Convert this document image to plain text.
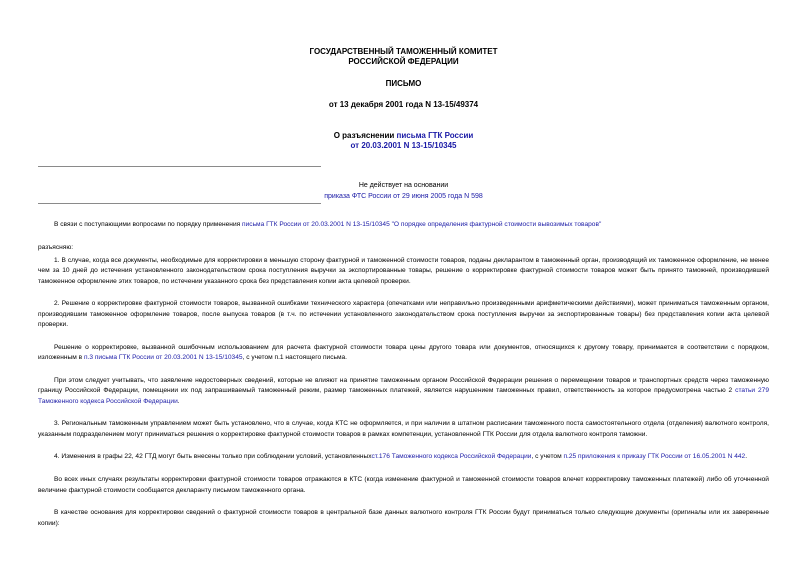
ГОСУДАРСТВЕННЫЙ ТАМОЖЕННЫЙ КОМИТЕТ
РОССИЙСКОЙ ФЕДЕРАЦИИ
ПИСЬМО
от 13 декабря 2001 года N 13-15/49374
О разъяснении письма ГТК России
от 20.03.2001 N 13-15/10345
Не действует на основании
приказа ФТС России от 29 июня 2005 года N 598

В связи с поступающими вопросами по порядку применения письма ГТК России от 20.03.2001 N 13-15/10345 "О порядке определения фактурной стоимости вывозимых товаров"

разъясняю:

1. В случае, когда все документы, необходимые для корректировки в меньшую сторону фактурной и таможенной стоимости товаров, поданы декларантом в таможенный орган, производящий их таможенное оформление, не менее чем за 10 дней до истечения установленного законодательством срока поступления выручки за экспортированные товары, решение о корректировке фактурной стоимости товаров может быть принято таможней, производившей таможенное оформление этих товаров, по истечении указанного срока без представления копии акта целевой проверки.

2. Решение о корректировке фактурной стоимости товаров, вызванной ошибками технического характера (опечатками или неправильно произведенными арифметическими действиями), может приниматься таможенным органом, производившим таможенное оформление товаров, после выпуска товаров (в т.ч. по истечении установленного законодательством срока поступления выручки за экспортированные товары) без представления копии акта целевой проверки.

Решение о корректировке, вызванной ошибочным использованием для расчета фактурной стоимости товара цены другого товара или документов, относящихся к другому товару, принимается в соответствии с порядком, изложенным в п.3 письма ГТК России от 20.03.2001 N 13-15/10345, с учетом п.1 настоящего письма.

При этом следует учитывать, что заявление недостоверных сведений, которые не влияют на принятие таможенным органом Российской Федерации решения о перемещении товаров и транспортных средств через таможенную границу Российской Федерации, помещении их под запрашиваемый таможенный режим, размер таможенных платежей, является нарушением таможенных правил, ответственность за которое предусмотрена частью 2 статьи 279 Таможенного кодекса Российской Федерации.

3. Региональным таможенным управлением может быть установлено, что в случае, когда КТС не оформляется, и при наличии в штатном расписании таможенного поста самостоятельного отдела (отделения) валютного контроля, указанным подразделением могут приниматься решения о корректировке фактурной стоимости товаров в рамках компетенции, установленной ГТК России для отдела валютного контроля таможни.

4. Изменения в графы 22, 42 ГТД могут быть внесены только при соблюдении условий, установленныхст.176 Таможенного кодекса Российской Федерации, с учетом п.25 приложения к приказу ГТК России от 16.05.2001 N 442.

Во всех иных случаях результаты корректировки фактурной стоимости товаров отражаются в КТС (когда изменение фактурной и таможенной стоимости товаров влечет корректировку таможенных платежей) либо об уточненной величине фактурной стоимости сообщается декларанту письмом таможенного органа.

В качестве основания для корректировки сведений о фактурной стоимости товаров в центральной базе данных валютного контроля ГТК России будут приниматься только следующие документы (оригиналы или их заверенные копии):
